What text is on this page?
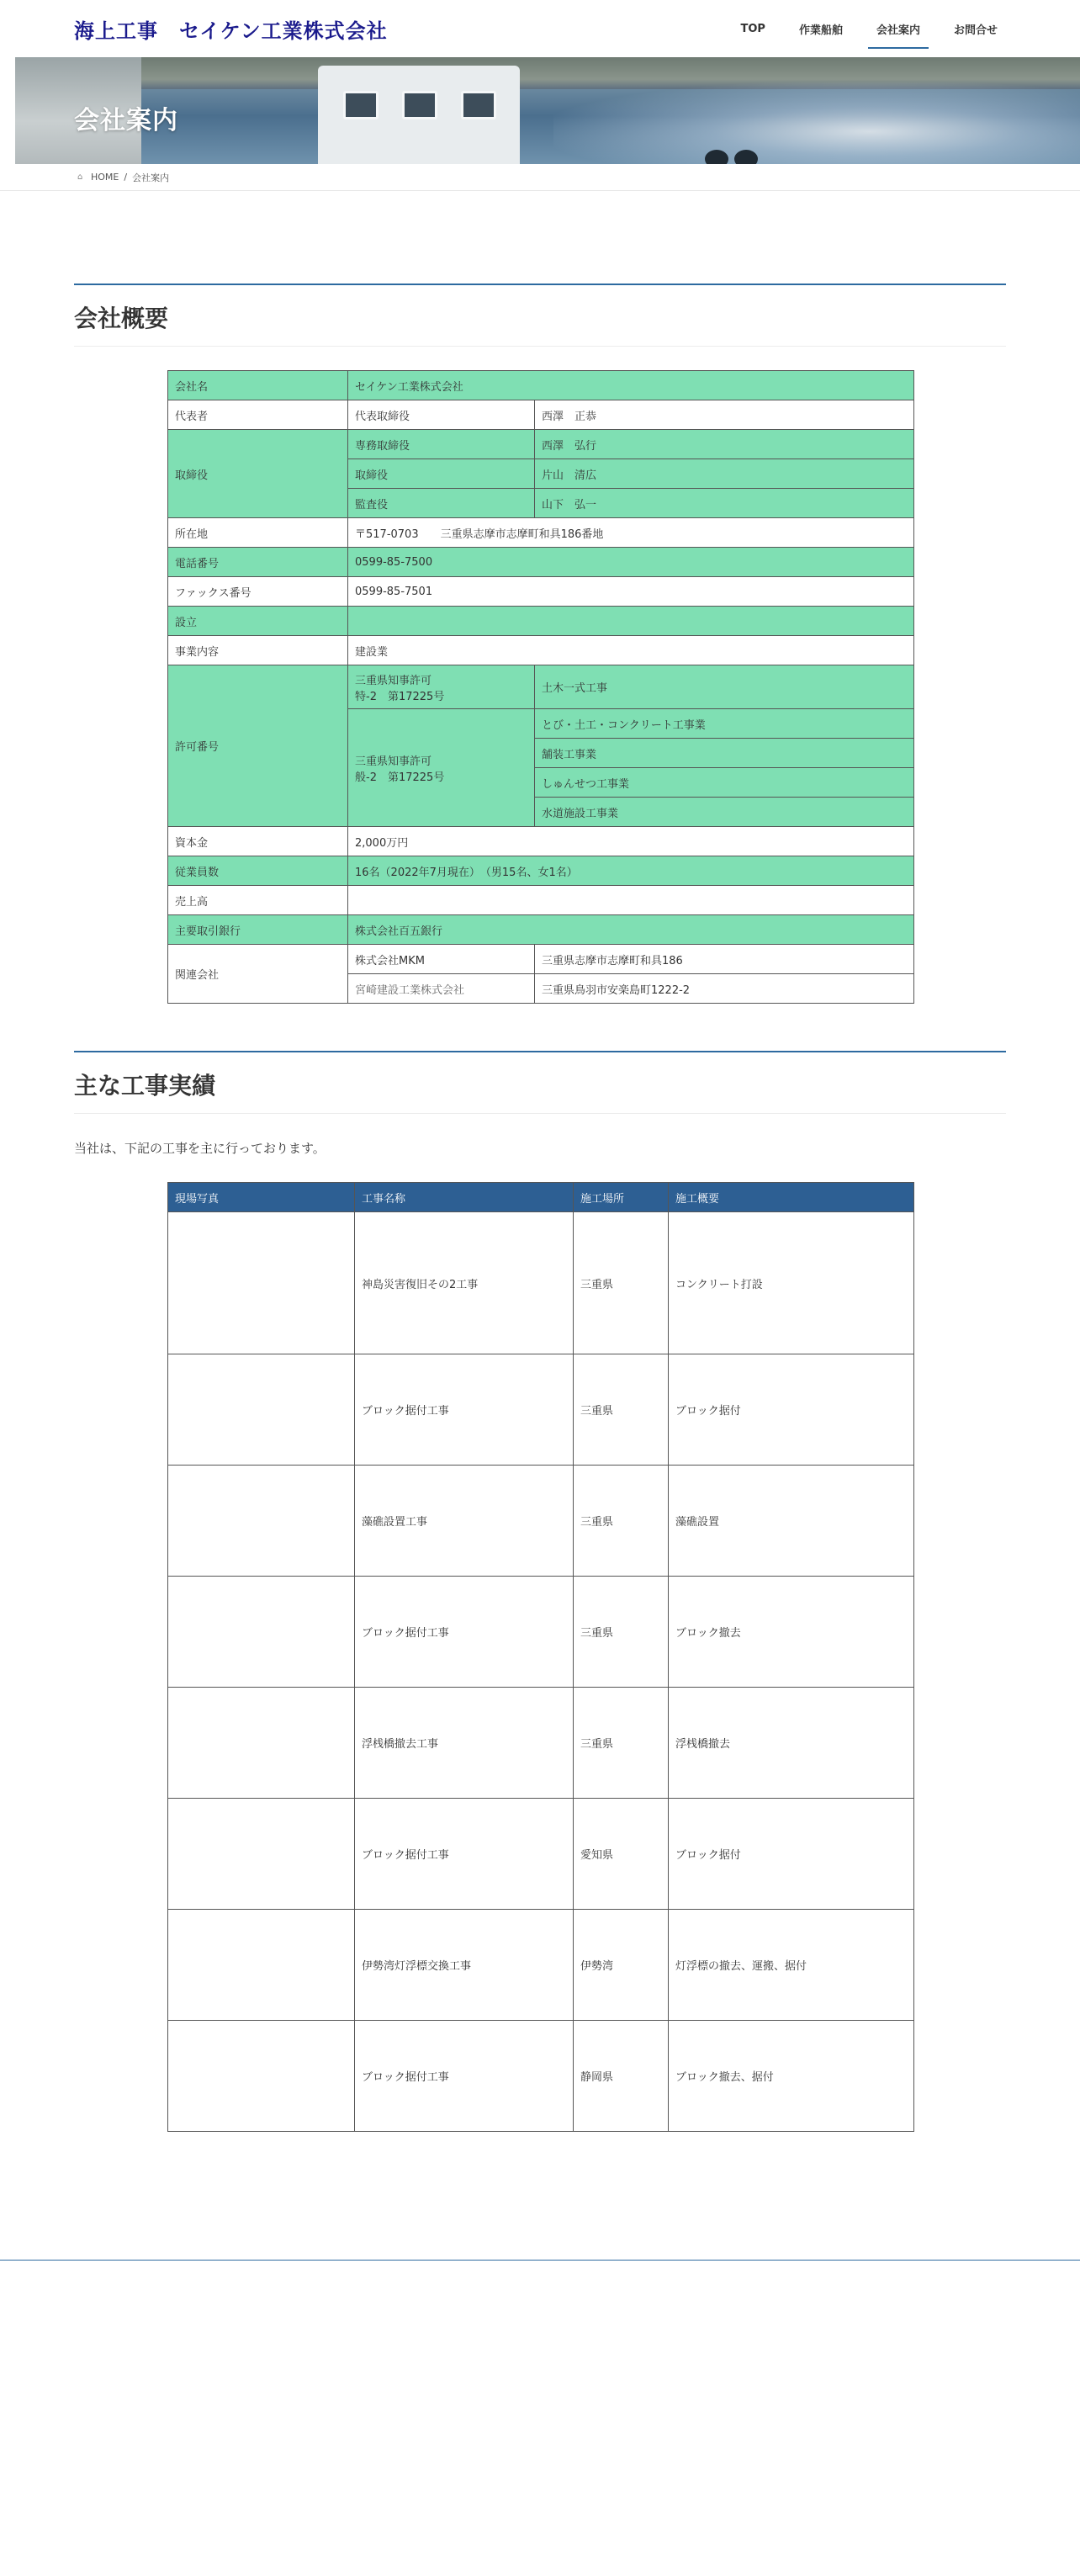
海上工事　セイケン工業株式会社	TOP	作業船舶	会社案内	お問合せ
会社案内
⌂ HOME / 会社案内
会社概要
会社名	セイケン工業株式会社	
代表者	代表取締役	西澤　正恭
取締役	専務取締役	西澤　弘行
	取締役	片山　清広
	監査役	山下　弘一
所在地	〒517-0703　　三重県志摩市志摩町和具186番地	
電話番号	0599-85-7500	
ファックス番号	0599-85-7501	
設立		
事業内容	建設業	
許可番号	三重県知事許可
特-2　第17225号	土木一式工事

	三重県知事許可
般-2　第17225号	とび・土工・コンクリート工事業
		舗装工事業
		しゅんせつ工事業
		水道施設工事業
資本金	2,000万円	
従業員数	16名（2022年7月現在）　（男15名、女1名）	
売上高		
主要取引銀行	株式会社百五銀行	
関連会社	株式会社MKM	三重県志摩市志摩町和具186
	宮崎建設工業株式会社	三重県鳥羽市安楽島町1222-2
主な工事実績

当社は、下記の工事を主に行っております。

現場写真	工事名称	施工場所	施工概要
	神島災害復旧その2工事	三重県	コンクリート打設
	ブロック据付工事	三重県	ブロック据付
	藻礁設置工事	三重県	藻礁設置
	ブロック据付工事	三重県	ブロック撤去
	浮桟橋撤去工事	三重県	浮桟橋撤去
	ブロック据付工事	愛知県	ブロック据付
	伊勢湾灯浮標交換工事	伊勢湾	灯浮標の撤去、運搬、据付
	ブロック据付工事	静岡県	ブロック撤去、据付
